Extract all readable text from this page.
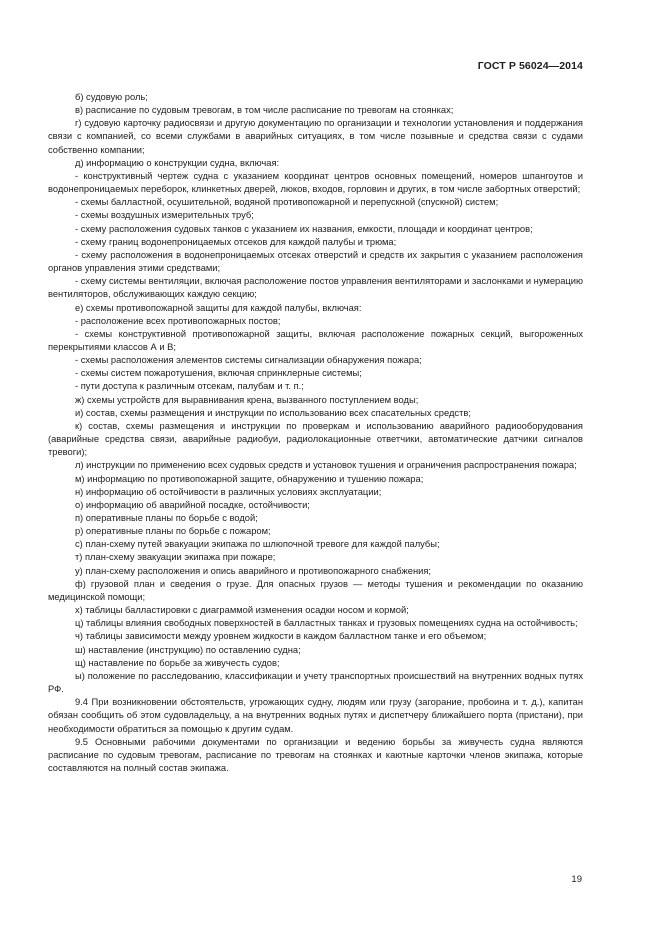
ГОСТ Р 56024—2014

б) судовую роль;

в) расписание по судовым тревогам, в том числе расписание по тревогам на стоянках;

г) судовую карточку радиосвязи и другую документацию по организации и технологии установления и поддержания связи с компанией, со всеми службами в аварийных ситуациях, в том числе позывные и средства связи с судами собственно компании;

д) информацию о конструкции судна, включая:

- конструктивный чертеж судна с указанием координат центров основных помещений, номеров шпангоутов и водонепроницаемых переборок, клинкетных дверей, люков, входов, горловин и других, в том числе забортных отверстий;

- схемы балластной, осушительной, водяной противопожарной и перепускной (спускной) систем;

- схемы воздушных измерительных труб;

- схему расположения судовых танков с указанием их названия, емкости, площади и координат центров;

- схему границ водонепроницаемых отсеков для каждой палубы и трюма;

- схему расположения в водонепроницаемых отсеках отверстий и средств их закрытия с указанием расположения органов управления этими средствами;

- схему системы вентиляции, включая расположение постов управления вентиляторами и заслонками и нумерацию вентиляторов, обслуживающих каждую секцию;

е) схемы противопожарной защиты для каждой палубы, включая:

- расположение всех противопожарных постов;

- схемы конструктивной противопожарной защиты, включая расположение пожарных секций, выгороженных перекрытиями классов А и В;

- схемы расположения элементов системы сигнализации обнаружения пожара;

- схемы систем пожаротушения, включая спринклерные системы;

- пути доступа к различным отсекам, палубам и т. п.;

ж) схемы устройств для выравнивания крена, вызванного поступлением воды;

и) состав, схемы размещения и инструкции по использованию всех спасательных средств;

к) состав, схемы размещения и инструкции по проверкам и использованию аварийного радиооборудования (аварийные средства связи, аварийные радиобуи, радиолокационные ответчики, автоматические датчики сигналов тревоги);

л) инструкции по применению всех судовых средств и установок тушения и ограничения распространения пожара;

м) информацию по противопожарной защите, обнаружению и тушению пожара;

н) информацию об остойчивости в различных условиях эксплуатации;

о) информацию об аварийной посадке, остойчивости;

п) оперативные планы по борьбе с водой;

р) оперативные планы по борьбе с пожаром;

с) план-схему путей эвакуации экипажа по шлюпочной тревоге для каждой палубы;

т) план-схему эвакуации экипажа при пожаре;

у) план-схему расположения и опись аварийного и противопожарного снабжения;

ф) грузовой план и сведения о грузе. Для опасных грузов — методы тушения и рекомендации по оказанию медицинской помощи;

х) таблицы балластировки с диаграммой изменения осадки носом и кормой;

ц) таблицы влияния свободных поверхностей в балластных танках и грузовых помещениях судна на остойчивость;

ч) таблицы зависимости между уровнем жидкости в каждом балластном танке и его объемом;

ш) наставление (инструкцию) по оставлению судна;

щ) наставление по борьбе за живучесть судов;

ы) положение по расследованию, классификации и учету транспортных происшествий на внутренних водных путях РФ.

9.4 При возникновении обстоятельств, угрожающих судну, людям или грузу (загорание, пробоина и т. д.), капитан обязан сообщить об этом судовладельцу, а на внутренних водных путях и диспетчеру ближайшего порта (пристани), при необходимости обратиться за помощью к другим судам.

9.5 Основными рабочими документами по организации и ведению борьбы за живучесть судна являются расписание по судовым тревогам, расписание по тревогам на стоянках и каютные карточки членов экипажа, которые составляются на полный состав экипажа.

19
